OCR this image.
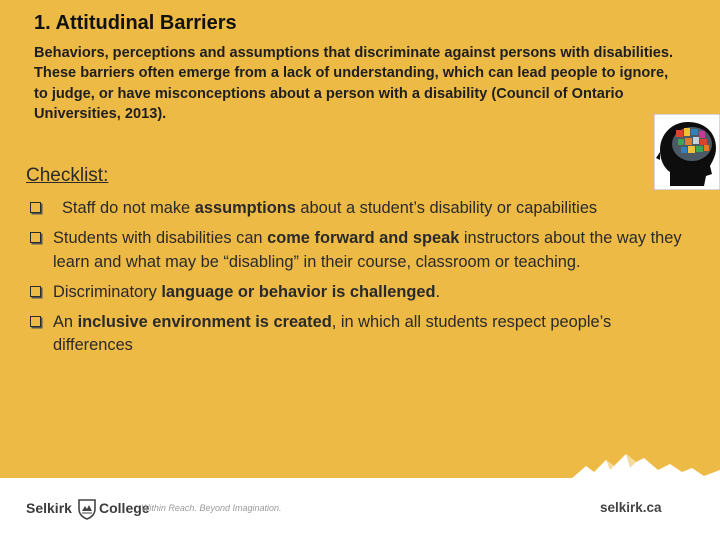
1. Attitudinal Barriers
Behaviors, perceptions and assumptions that discriminate against persons with disabilities. These barriers often emerge from a lack of understanding, which can lead people to ignore, to judge, or have misconceptions about a person with a disability (Council of Ontario Universities, 2013).
Checklist:
Staff do not make assumptions about a student’s disability or capabilities
Students with disabilities can come forward and speak instructors about the way they learn and what may be “disabling” in their course, classroom or teaching.
Discriminatory language or behavior is challenged.
An inclusive environment is created, in which all students respect people’s differences
Selkirk College
Within Reach. Beyond Imagination.	selkirk.ca
